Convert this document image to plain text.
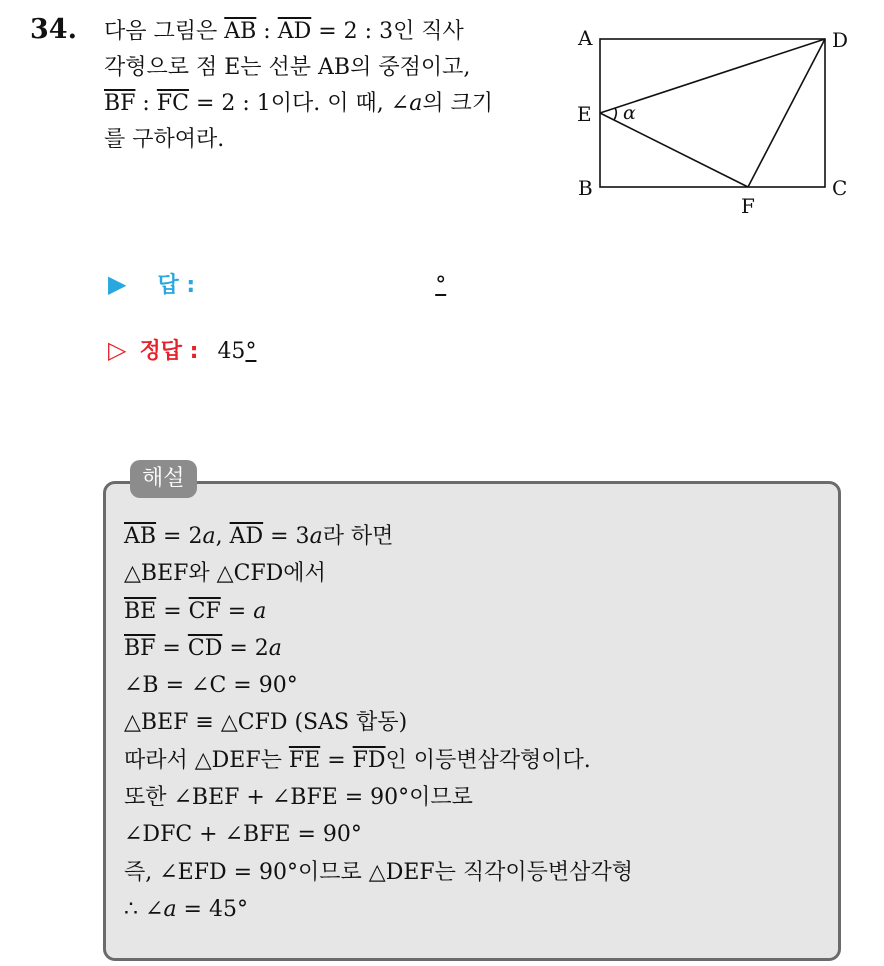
34. 다음 그림은 $\overline{AB}$ : $\overline{AD} = 2$ : 3인 직사
각형으로 점 E는 선분 AB의 중점이고,
$\overline{BF}$ : $\overline{FC} = 2$ : 1이다. 이 때, ∠a의 크기
를 구하여라.
A	D
E
B	C
F
α
▶ 답 :	°
▷ 정답 : 45°
해설
$\overline{AB} = 2a$, $\overline{AD} = 3a$라 하면
△BEF와 △CFD에서
$\overline{BE} = \overline{CF} = a$
$\overline{BF} = \overline{CD} = 2a$
∠B = ∠C = 90°
△BEF ≡ △CFD (SAS 합동)
따라서 △DEF는 $\overline{FE} = \overline{FD}$인 이등변삼각형이다.
또한 ∠BEF + ∠BFE = 90°이므로
∠DFC + ∠BFE = 90°
즉, ∠EFD = 90°이므로 △DEF는 직각이등변삼각형
∴ ∠a = 45°
